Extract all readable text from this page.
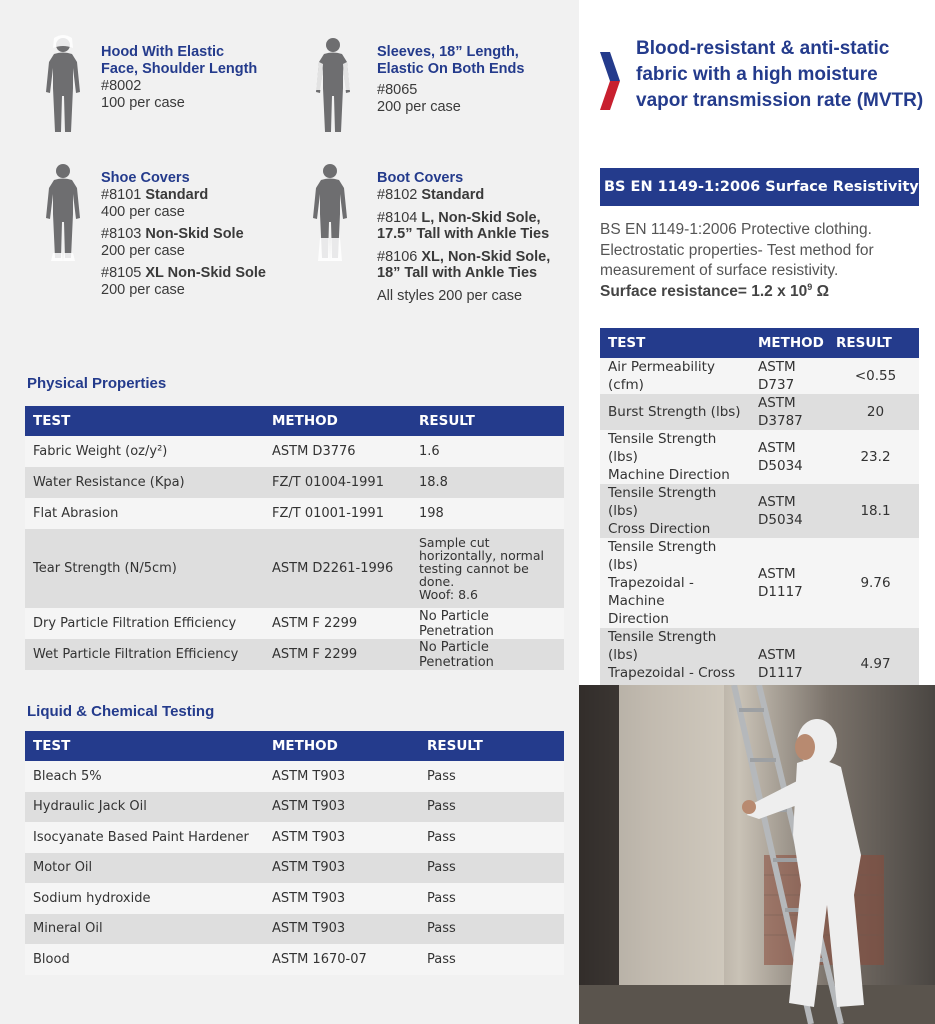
Hood With Elastic
Face, Shoulder Length
#8002
100 per case
Sleeves, 18” Length,
Elastic On Both Ends
#8065
200 per case
Shoe Covers
#8101 Standard
400 per case
#8103 Non-Skid Sole
200 per case
#8105 XL Non-Skid Sole
200 per case
Boot Covers
#8102 Standard
#8104 L, Non-Skid Sole,
17.5” Tall with Ankle Ties
#8106 XL, Non-Skid Sole,
18” Tall with Ankle Ties
All styles 200 per case
Physical Properties
TEST	METHOD	RESULT
Fabric Weight (oz/y²)	ASTM D3776	1.6
Water Resistance (Kpa)	FZ/T 01004-1991	18.8
Flat Abrasion	FZ/T 01001-1991	198
Tear Strength (N/5cm)	ASTM D2261-1996	Sample cut horizontally, normal testing cannot be done.
Woof: 8.6

Dry Particle Filtration Efficiency	ASTM F 2299	No Particle Penetration
Wet Particle Filtration Efficiency	ASTM F 2299	No Particle Penetration
Liquid & Chemical Testing
TEST	METHOD	RESULT
Bleach 5%	ASTM T903	Pass
Hydraulic Jack Oil	ASTM T903	Pass
Isocyanate Based Paint Hardener	ASTM T903	Pass
Motor Oil	ASTM T903	Pass
Sodium hydroxide	ASTM T903	Pass
Mineral Oil	ASTM T903	Pass
Blood	ASTM 1670-07	Pass
Blood-resistant & anti-static fabric with a high moisture vapor transmission rate (MVTR)
BS EN 1149-1:2006 Surface Resistivity
BS EN 1149-1:2006 Protective clothing. Electrostatic properties- Test method for measurement of surface resistivity.
Surface resistance= 1.2 x $10^9$ Ω
TEST	METHOD	RESULT

Air Permeability (cfm)	ASTM D737	<0.55

Burst Strength (lbs)	ASTM D3787	20

Tensile Strength (lbs)
Machine Direction	ASTM D5034	23.2

Tensile Strength (lbs)
Cross Direction	ASTM D5034	18.1

Tensile Strength (lbs)
Trapezoidal - Machine
Direction	ASTM D1117	9.76

Tensile Strength (lbs)
Trapezoidal - Cross	ASTM D1117	4.97
